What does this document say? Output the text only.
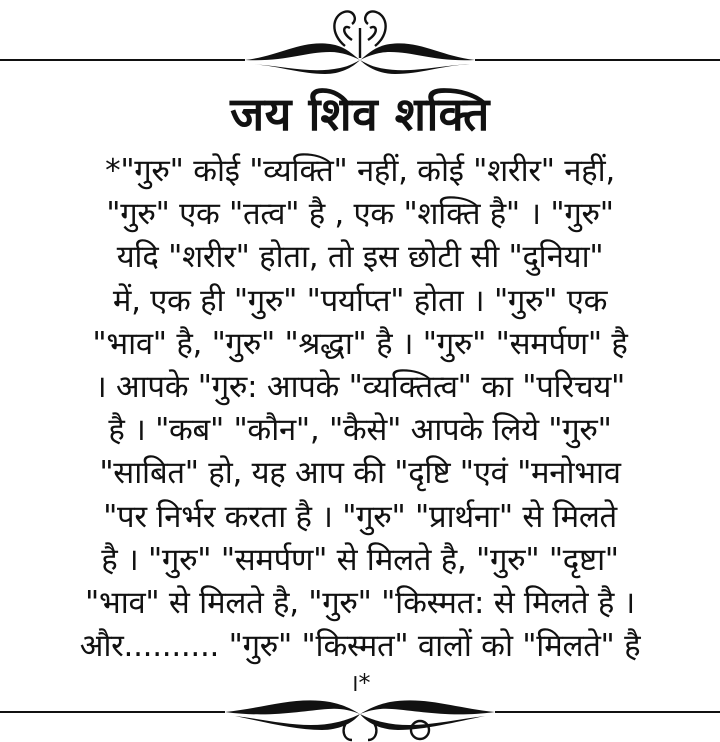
जय शिव शक्ति
*"गुरु" कोई "व्यक्ति" नहीं, कोई "शरीर" नहीं,
"गुरु" एक "तत्व" है , एक "शक्ति है" । "गुरु"
यदि "शरीर" होता, तो इस छोटी सी "दुनिया"
में, एक ही "गुरु" "पर्याप्त" होता । "गुरु" एक
"भाव" है, "गुरु" "श्रद्धा" है । "गुरु" "समर्पण" है
। आपके "गुरु: आपके "व्यक्तित्व" का "परिचय"
है । "कब" "कौन", "कैसे" आपके लिये "गुरु"
"साबित" हो, यह आप की "दृष्टि "एवं "मनोभाव
"पर निर्भर करता है । "गुरु" "प्रार्थना" से मिलते
है । "गुरु" "समर्पण" से मिलते है, "गुरु" "दृष्टा"
"भाव" से मिलते है, "गुरु" "किस्मत: से मिलते है ।
और.......... "गुरु" "किस्मत" वालों को "मिलते" है
।*
